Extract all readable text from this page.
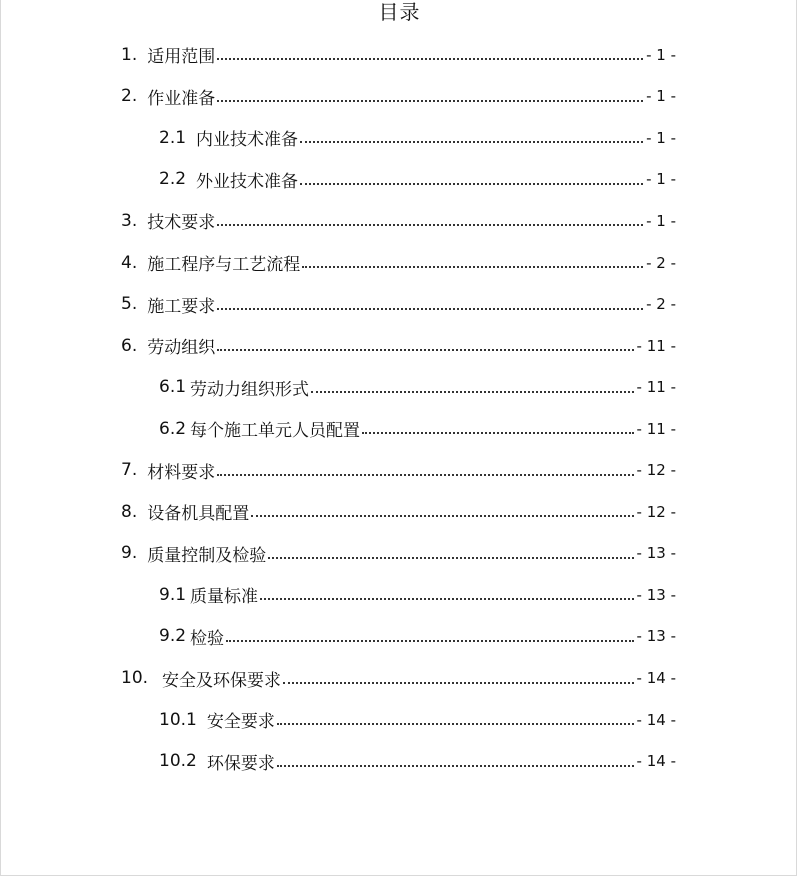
目录
1. 适用范围	- 1 -
2. 作业准备	- 1 -
2.1 内业技术准备	- 1 -
2.2 外业技术准备	- 1 -
3. 技术要求	- 1 -
4. 施工程序与工艺流程	- 2 -
5. 施工要求	- 2 -
6. 劳动组织	- 11 -
6.1 劳动力组织形式	- 11 -
6.2 每个施工单元人员配置	- 11 -
7. 材料要求	- 12 -
8. 设备机具配置	- 12 -
9. 质量控制及检验	- 13 -
9.1 质量标准	- 13 -
9.2 检验	- 13 -
10. 安全及环保要求	- 14 -
10.1 安全要求	- 14 -
10.2 环保要求	- 14 -
